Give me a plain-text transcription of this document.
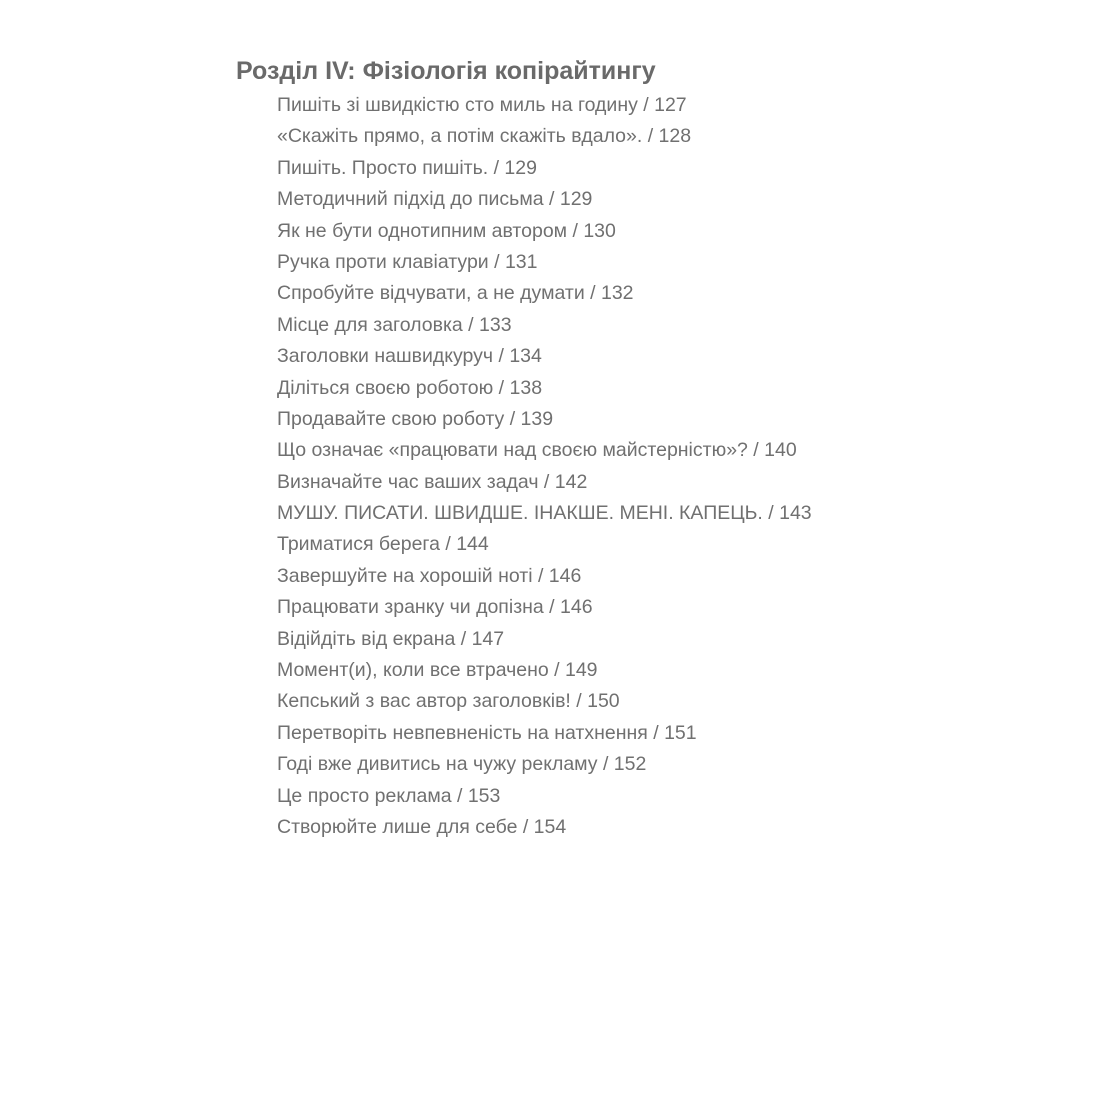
Розділ IV: Фізіологія копірайтингу
Пишіть зі швидкістю сто миль на годину / 127
«Скажіть прямо, а потім скажіть вдало». / 128
Пишіть. Просто пишіть. / 129
Методичний підхід до письма / 129
Як не бути однотипним автором / 130
Ручка проти клавіатури / 131
Спробуйте відчувати, а не думати / 132
Місце для заголовка / 133
Заголовки нашвидкуруч / 134
Діліться своєю роботою / 138
Продавайте свою роботу / 139
Що означає «працювати над своєю майстерністю»? / 140
Визначайте час ваших задач / 142
МУШУ. ПИСАТИ. ШВИДШЕ. ІНАКШЕ. МЕНІ. КАПЕЦЬ. / 143
Триматися берега / 144
Завершуйте на хорошій ноті / 146
Працювати зранку чи допізна / 146
Відійдіть від екрана / 147
Момент(и), коли все втрачено / 149
Кепський з вас автор заголовків! / 150
Перетворіть невпевненість на натхнення / 151
Годі вже дивитись на чужу рекламу / 152
Це просто реклама / 153
Створюйте лише для себе / 154
